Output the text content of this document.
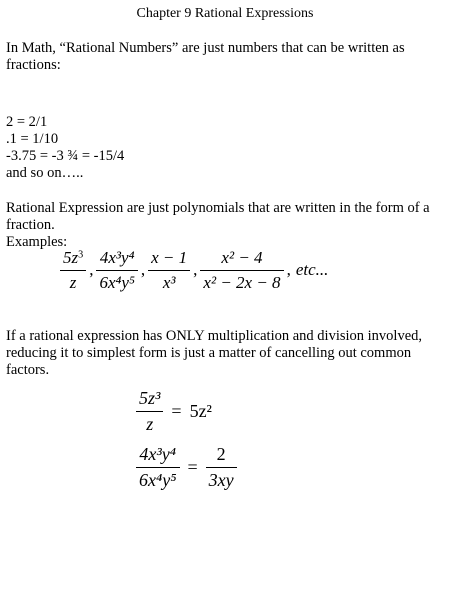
Chapter 9 Rational Expressions

In Math, “Rational Numbers” are just numbers that can be written as fractions:

2 = 2/1
.1 = 1/10
-3.75 = -3 ¾ = -15/4
and so on…..

Rational Expression are just polynomials that are written in the form of a fraction.

Examples:
$\frac{5z^3}{z}$ , $\frac{\text{4x³y⁴}}{\text{6x⁴y⁵}}$ , $\frac{x - 1}{\text{x³}}$ , $\frac{\text{x² − 4}}{\text{x² − 2x − 8}}$ , etc...

If a rational expression has ONLY multiplication and division involved, reducing it to simplest form is just a matter of cancelling out common factors.

$\frac{\text{5z³}}{z} = 5z^2$
$\frac{\text{4x³y⁴}}{\text{6x⁴y⁵}} = \frac{2}{3xy}$
